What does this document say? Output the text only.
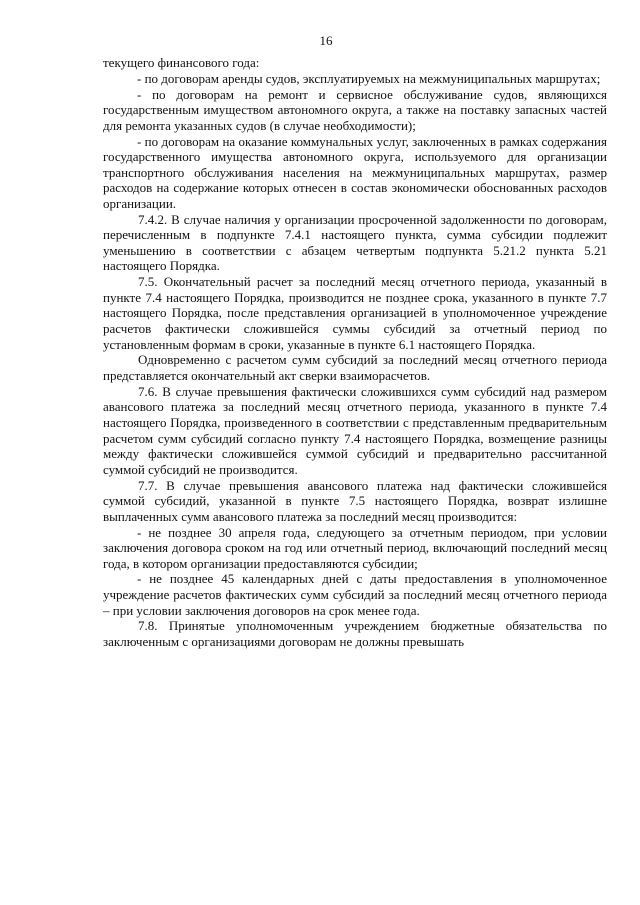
16

текущего финансового года:

- по договорам аренды судов, эксплуатируемых на межмуниципальных маршрутах;

- по договорам на ремонт и сервисное обслуживание судов, являющихся государственным имуществом автономного округа, а также на поставку запасных частей для ремонта указанных судов (в случае необходимости);

- по договорам на оказание коммунальных услуг, заключенных в рамках содержания государственного имущества автономного округа, используемого для организации транспортного обслуживания населения на межмуниципальных маршрутах, размер расходов на содержание которых отнесен в состав экономически обоснованных расходов организации.

7.4.2. В случае наличия у организации просроченной задолженности по договорам, перечисленным в подпункте 7.4.1 настоящего пункта, сумма субсидии подлежит уменьшению в соответствии с абзацем четвертым подпункта 5.21.2 пункта 5.21 настоящего Порядка.

7.5. Окончательный расчет за последний месяц отчетного периода, указанный в пункте 7.4 настоящего Порядка, производится не позднее срока, указанного в пункте 7.7 настоящего Порядка, после представления организацией в уполномоченное учреждение расчетов фактически сложившейся суммы субсидий за отчетный период по установленным формам в сроки, указанные в пункте 6.1 настоящего Порядка.

Одновременно с расчетом сумм субсидий за последний месяц отчетного периода представляется окончательный акт сверки взаиморасчетов.

7.6. В случае превышения фактически сложившихся сумм субсидий над размером авансового платежа за последний месяц отчетного периода, указанного в пункте 7.4 настоящего Порядка, произведенного в соответствии с представленным предварительным расчетом сумм субсидий согласно пункту 7.4 настоящего Порядка, возмещение разницы между фактически сложившейся суммой субсидий и предварительно рассчитанной суммой субсидий не производится.

7.7. В случае превышения авансового платежа над фактически сложившейся суммой субсидий, указанной в пункте 7.5 настоящего Порядка, возврат излишне выплаченных сумм авансового платежа за последний месяц производится:

- не позднее 30 апреля года, следующего за отчетным периодом, при условии заключения договора сроком на год или отчетный период, включающий последний месяц года, в котором организации предоставляются субсидии;

- не позднее 45 календарных дней с даты предоставления в уполномоченное учреждение расчетов фактических сумм субсидий за последний месяц отчетного периода – при условии заключения договоров на срок менее года.

7.8. Принятые уполномоченным учреждением бюджетные обязательства по заключенным с организациями договорам не должны превышать
